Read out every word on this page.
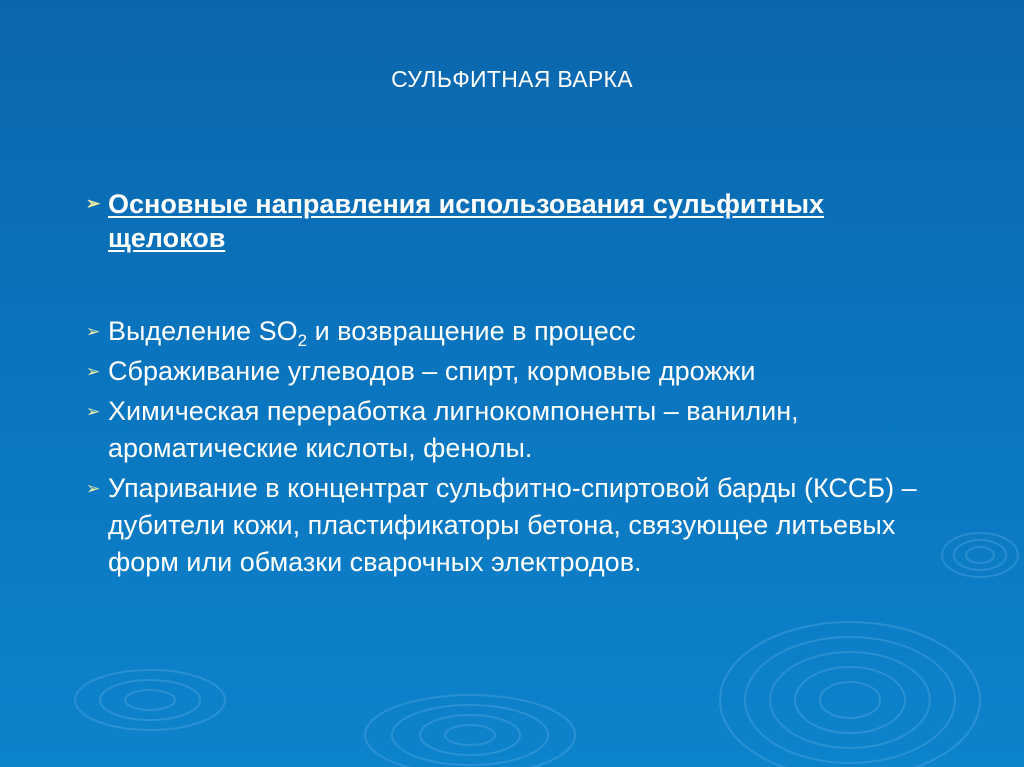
СУЛЬФИТНАЯ ВАРКА

➢ Основные направления использования сульфитных щелоков

➢ Выделение $SO_2$ и возвращение в процесс

➢ Сбраживание углеводов – спирт, кормовые дрожжи

➢ Химическая переработка лигнокомпоненты – ванилин, ароматические кислоты, фенолы.

➢ Упаривание в концентрат сульфитно-спиртовой барды (КССБ) – дубители кожи, пластификаторы бетона, связующее литьевых форм или обмазки сварочных электродов.
